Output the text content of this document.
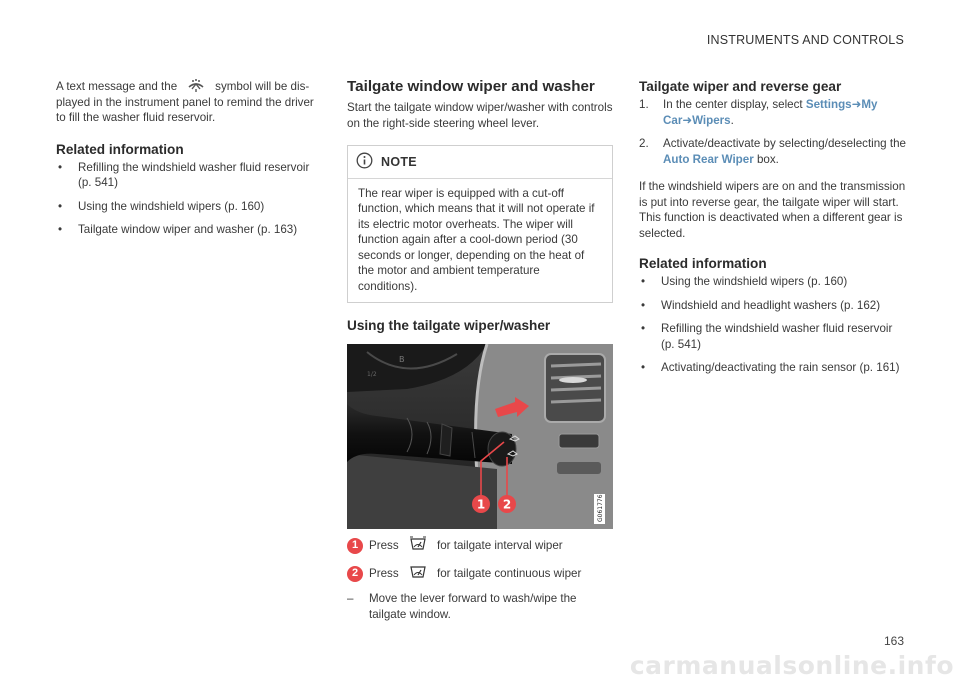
INSTRUMENTS AND CONTROLS

A text message and the	symbol will be dis- played in the instrument panel to remind the driver to fill the washer fluid reservoir.

Related information
• Refilling the windshield washer fluid reservoir (p. 541)
• Using the windshield wipers (p. 160)
• Tailgate window wiper and washer (p. 163)
Tailgate window wiper and washer

Start the tailgate window wiper/washer with controls on the right-side steering wheel lever.

NOTE
The rear wiper is equipped with a cut-off function, which means that it will not operate if its electric motor overheats. The wiper will function again after a cool-down period (30 seconds or longer, depending on the heat of the motor and ambient temperature conditions).
Using the tailgate wiper/washer
B
1/2
1 2	G061776
1 Press	for tailgate interval wiper
2 Press	for tailgate continuous wiper
– Move the lever forward to wash/wipe the tailgate window.
Tailgate wiper and reverse gear
1. In the center display, select Settings➜My Car➜Wipers.
2. Activate/deactivate by selecting/deselecting the Auto Rear Wiper box.

If the windshield wipers are on and the transmission is put into reverse gear, the tailgate wiper will start. This function is deactivated when a different gear is selected.

Related information
• Using the windshield wipers (p. 160)
• Windshield and headlight washers (p. 162)
• Refilling the windshield washer fluid reservoir (p. 541)
• Activating/deactivating the rain sensor (p. 161)
163
carmanualsonline.info
